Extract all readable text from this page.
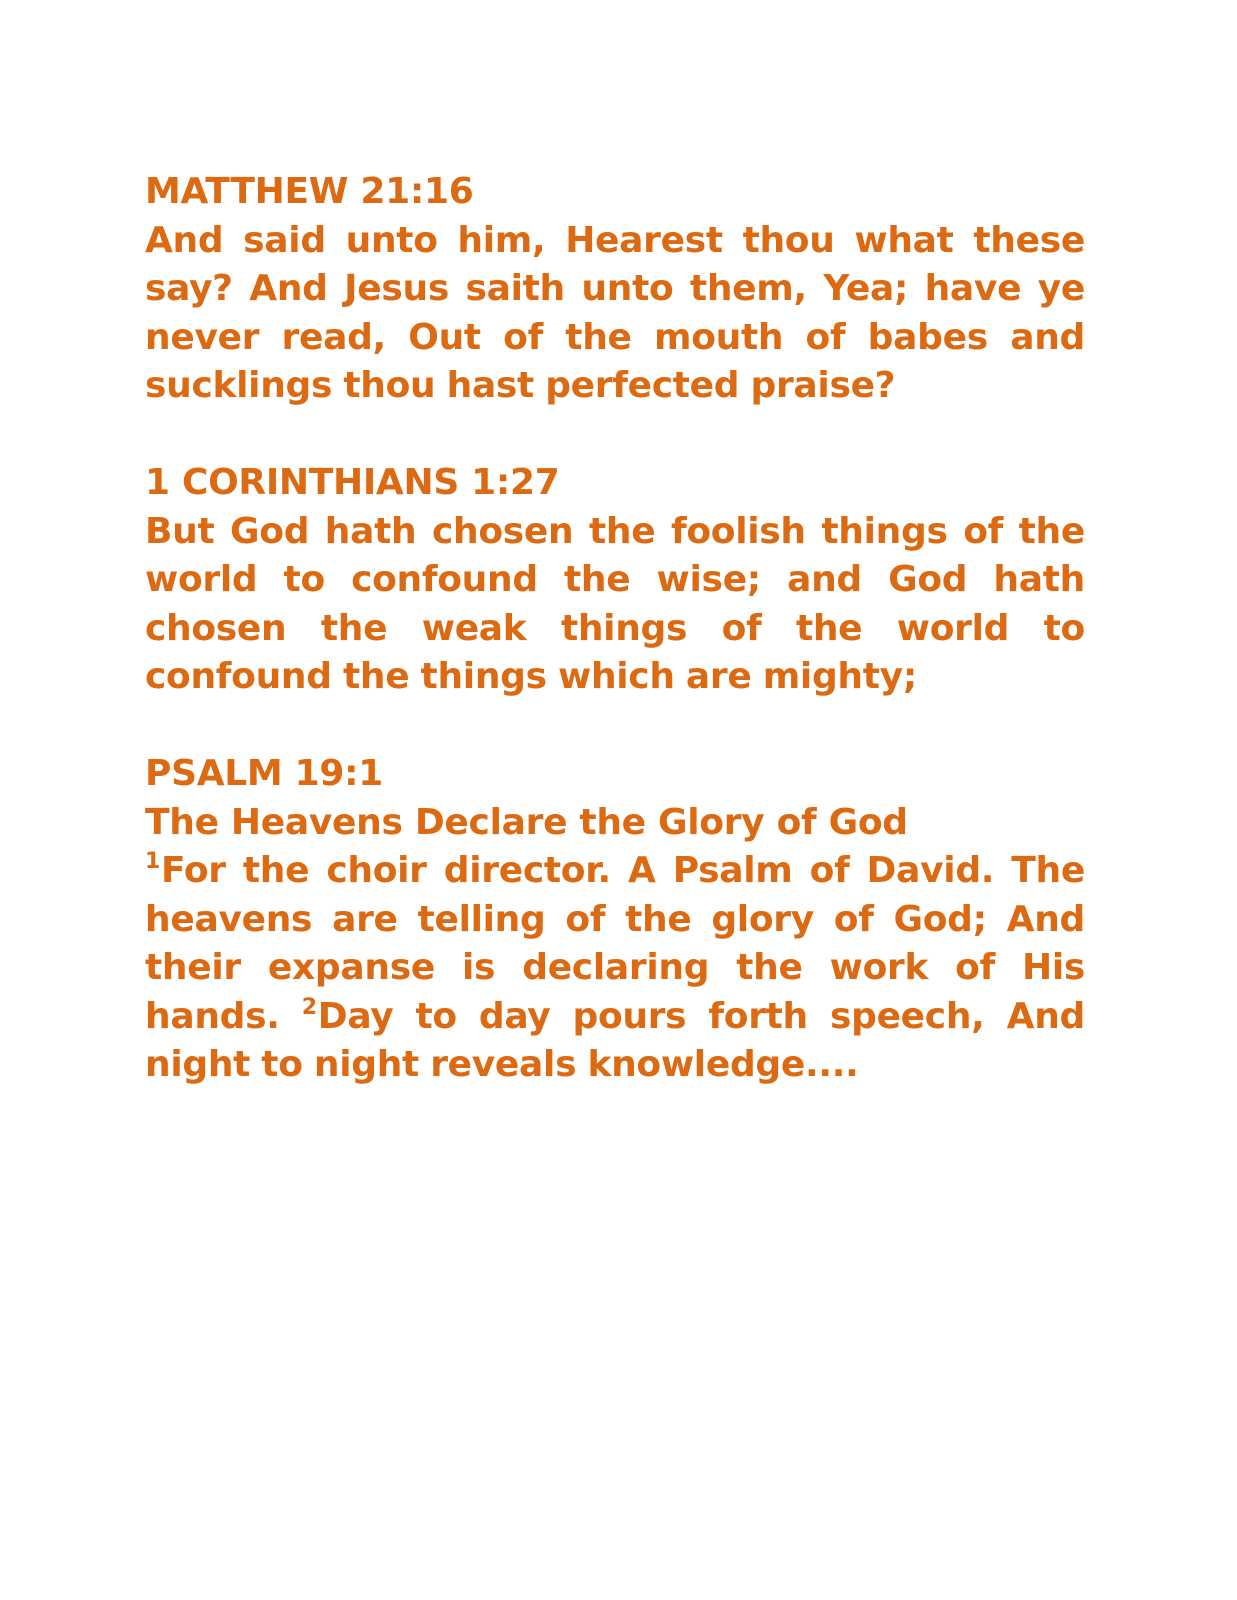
MATTHEW 21:16
And said unto him, Hearest thou what these say? And Jesus saith unto them, Yea; have ye never read, Out of the mouth of babes and sucklings thou hast perfected praise?
1 CORINTHIANS 1:27
But God hath chosen the foolish things of the world to confound the wise; and God hath chosen the weak things of the world to confound the things which are mighty;
PSALM 19:1
The Heavens Declare the Glory of God
$^1$For the choir director. A Psalm of David. The heavens are telling of the glory of God; And their expanse is declaring the work of His hands. $^2$Day to day pours forth speech, And night to night reveals knowledge....
